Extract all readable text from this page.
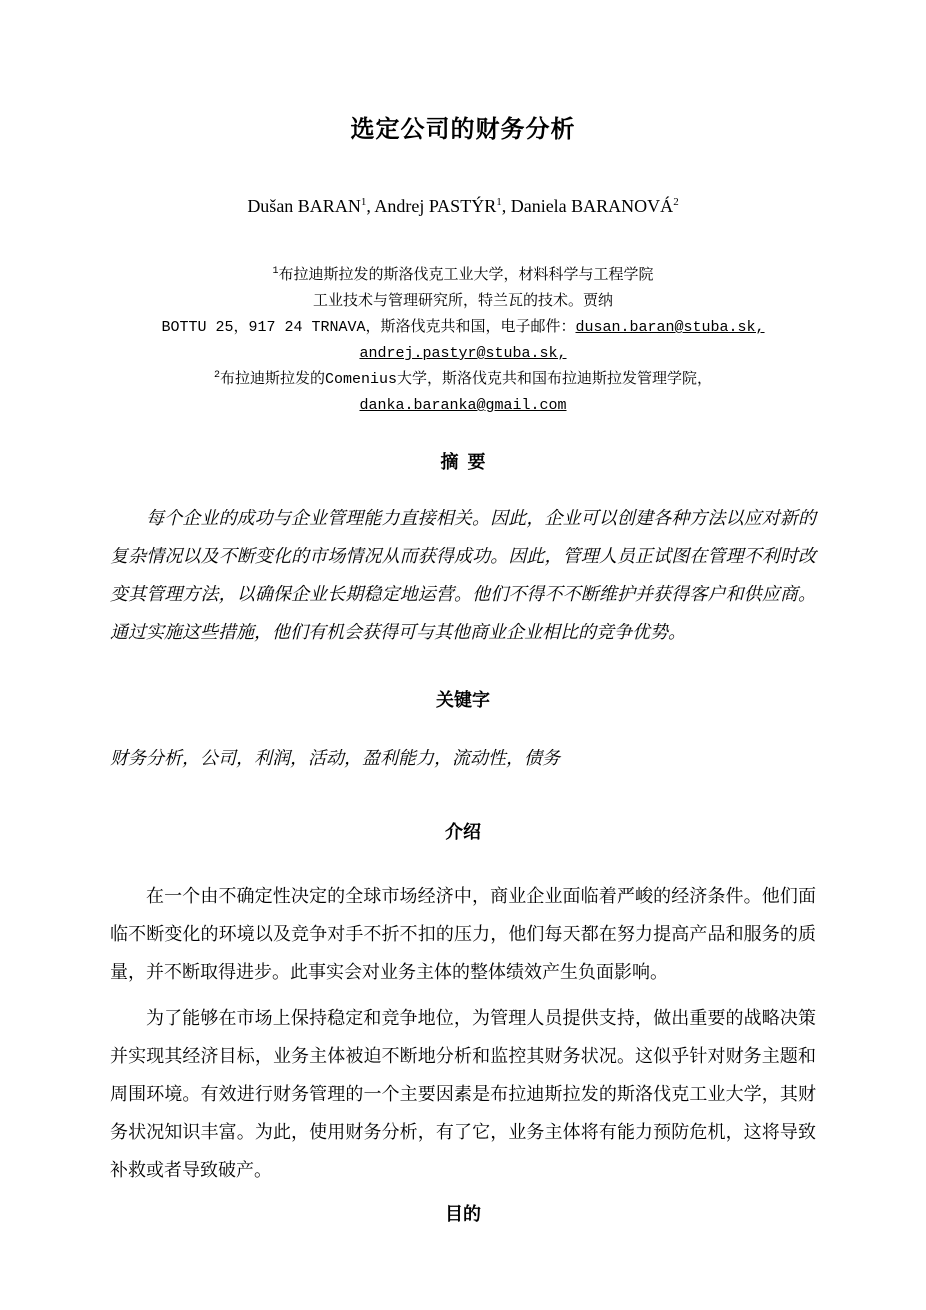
选定公司的财务分析

Dušan BARAN$^1$, Andrej PASTÝR$^1$, Daniela BARANOVÁ$^2$

$^1$布拉迪斯拉发的斯洛伐克工业大学，材料科学与工程学院

工业技术与管理研究所，特兰瓦的技术。贾纳

BOTTU 25，917 24 TRNAVA，斯洛伐克共和国，电子邮件：dusan.baran@stuba.sk,

andrej.pastyr@stuba.sk,

$^2$布拉迪斯拉发的Comenius大学，斯洛伐克共和国布拉迪斯拉发管理学院，

danka.baranka@gmail.com

摘  要

每个企业的成功与企业管理能力直接相关。因此，企业可以创建各种方法以应对新的复杂情况以及不断变化的市场情况从而获得成功。因此，管理人员正试图在管理不利时改变其管理方法，以确保企业长期稳定地运营。他们不得不不断维护并获得客户和供应商。通过实施这些措施，他们有机会获得可与其他商业企业相比的竞争优势。

关键字

财务分析，公司，利润，活动，盈利能力，流动性，债务

介绍

在一个由不确定性决定的全球市场经济中，商业企业面临着严峻的经济条件。他们面临不断变化的环境以及竞争对手不折不扣的压力，他们每天都在努力提高产品和服务的质量，并不断取得进步。此事实会对业务主体的整体绩效产生负面影响。

为了能够在市场上保持稳定和竞争地位，为管理人员提供支持，做出重要的战略决策并实现其经济目标，业务主体被迫不断地分析和监控其财务状况。这似乎针对财务主题和周围环境。有效进行财务管理的一个主要因素是布拉迪斯拉发的斯洛伐克工业大学，其财务状况知识丰富。为此，使用财务分析，有了它，业务主体将有能力预防危机，这将导致补救或者导致破产。

目的
